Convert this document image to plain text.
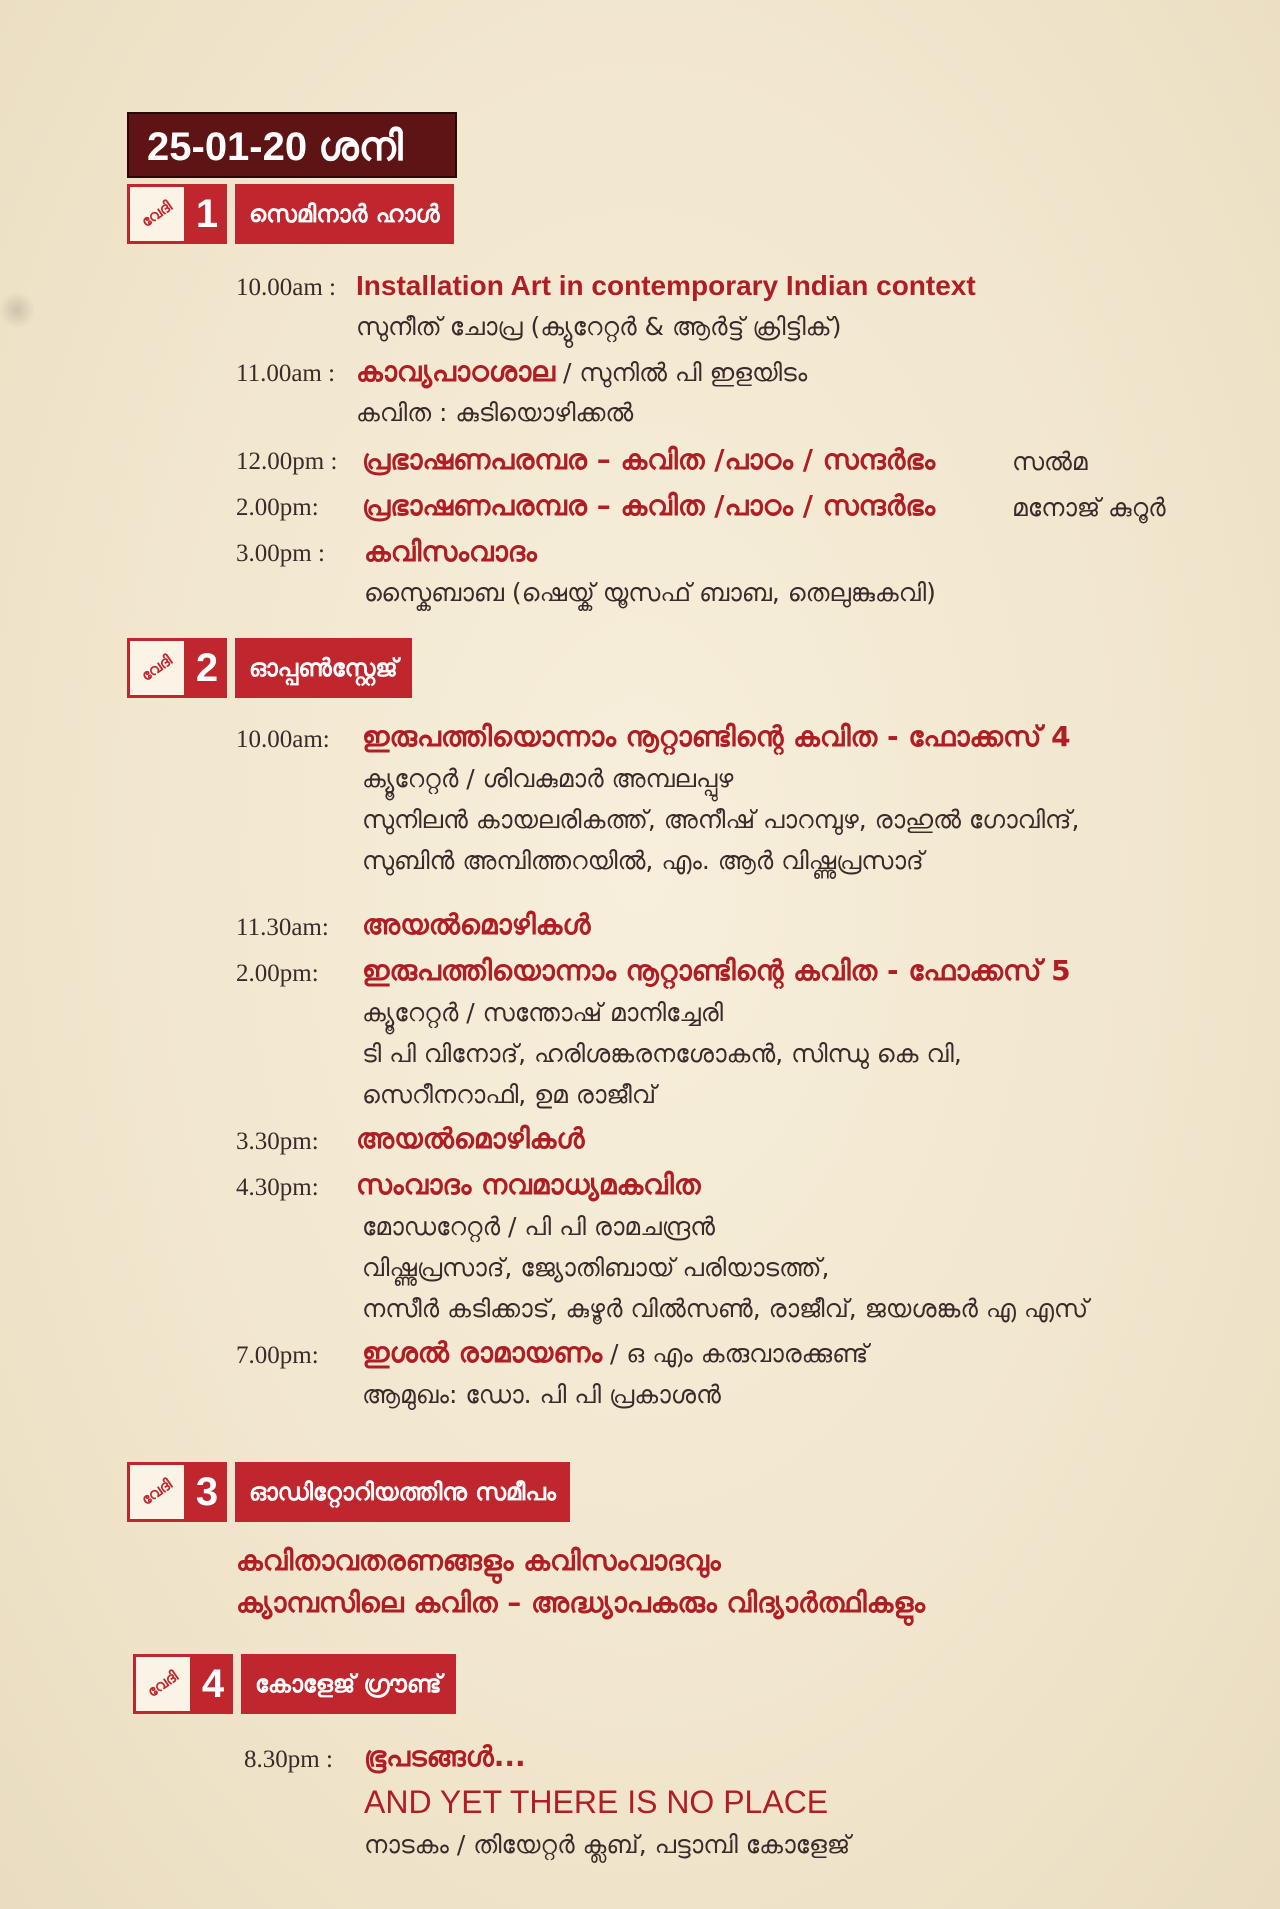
25-01-20 ശനി
വേദി 1	സെമിനാർ ഹാൾ
10.00am : Installation Art in contemporary Indian context
സുനീത് ചോപ്ര (ക്യുറേറ്റർ & ആർട്ട് ക്രിട്ടിക്)
11.00am : കാവ്യപാഠശാല / സുനിൽ പി ഇളയിടം
കവിത : കുടിയൊഴിക്കൽ
12.00pm : പ്രഭാഷണപരമ്പര – കവിത /പാഠം / സന്ദർഭം	സൽമ
2.00pm: പ്രഭാഷണപരമ്പര – കവിത /പാഠം / സന്ദർഭം	മനോജ് കുറൂർ
3.00pm : കവിസംവാദം
സ്കൈബാബ (ഷെയ്ക് യൂസഫ് ബാബ, തെലുങ്കുകവി)
വേദി 2	ഓപ്പൺസ്റ്റേജ്
10.00am: ഇരുപത്തിയൊന്നാം നൂറ്റാണ്ടിന്റെ കവിത - ഫോക്കസ് 4
ക്യൂറേറ്റർ / ശിവകുമാർ അമ്പലപ്പുഴ
സുനിലൻ കായലരികത്ത്, അനീഷ് പാറമ്പുഴ, രാഹുൽ ഗോവിന്ദ്,
സുബിൻ അമ്പിത്തറയിൽ, എം. ആർ വിഷ്ണുപ്രസാദ്
11.30am: അയൽമൊഴികൾ
2.00pm: ഇരുപത്തിയൊന്നാം നൂറ്റാണ്ടിന്റെ കവിത - ഫോക്കസ് 5
ക്യൂറേറ്റർ / സന്തോഷ് മാനിച്ചേരി
ടി പി വിനോദ്, ഹരിശങ്കരനശോകൻ, സിന്ധു കെ വി,
സെറീനറാഫി, ഉമ രാജീവ്
3.30pm: അയൽമൊഴികൾ
4.30pm: സംവാദം നവമാധ്യമകവിത
മോഡറേറ്റർ / പി പി രാമചന്ദ്രൻ
വിഷ്ണുപ്രസാദ്, ജ്യോതിബായ് പരിയാടത്ത്,
നസീർ കടിക്കാട്, കുഴൂർ വിൽസൺ, രാജീവ്, ജയശങ്കർ എ എസ്
7.00pm: ഇശൽ രാമായണം / ഒ എം കരുവാരക്കുണ്ട്
ആമുഖം: ഡോ. പി പി പ്രകാശൻ
വേദി 3	ഓഡിറ്റോറിയത്തിനു സമീപം
കവിതാവതരണങ്ങളും കവിസംവാദവും
ക്യാമ്പസിലെ കവിത – അദ്ധ്യാപകരും വിദ്യാർത്ഥികളും
വേദി 4	കോളേജ് ഗ്രൗണ്ട്
8.30pm : ഭൂപടങ്ങൾ...
AND YET THERE IS NO PLACE
നാടകം / തിയേറ്റർ ക്ലബ്, പട്ടാമ്പി കോളേജ്
